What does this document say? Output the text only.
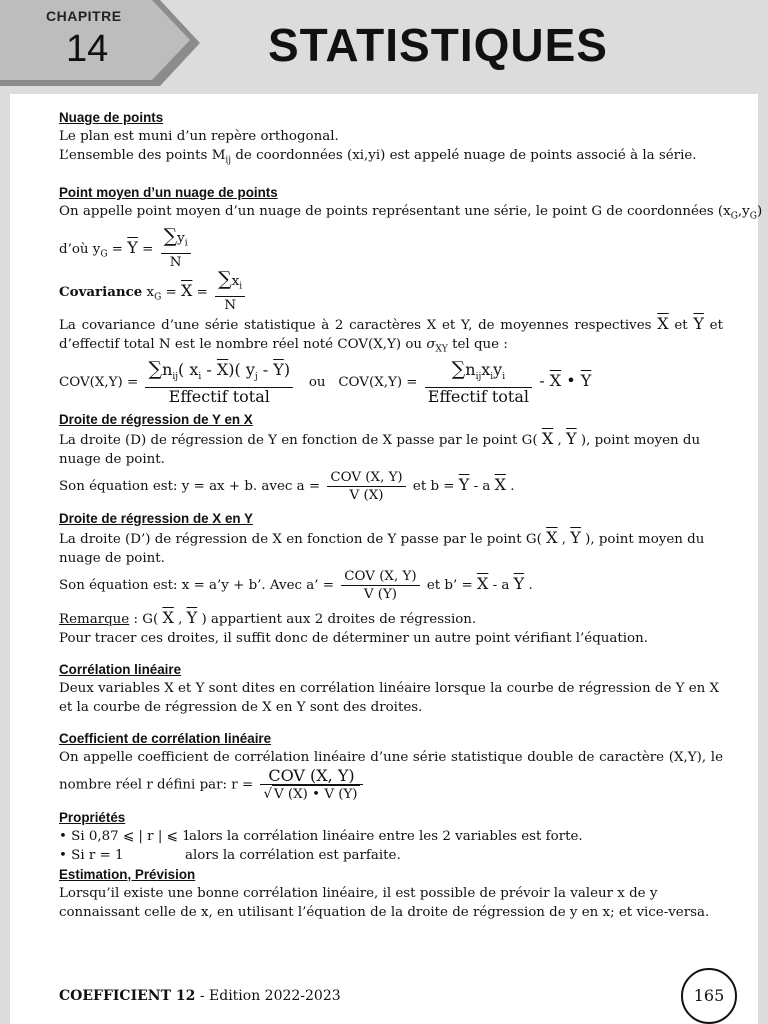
CHAPITRE
14	STATISTIQUES
Nuage de points
Le plan est muni d’un repère orthogonal.
L’ensemble des points $M_{ij}$ de coordonnées (xi,yi) est appelé nuage de points associé à la série.
Point moyen d’un nuage de points
On appelle point moyen d’un nuage de points représentant une série, le point G de coordonnées ($x_G$ $_G$)
d’où $y_G = \overline{Y} = \frac{\sum y_i}{N}$
Covariance $x_G = \overline{X} = \frac{\sum x_i}{N}$
La covariance d’une série statistique à 2 caractères X et Y, de moyennes respectives $\overline{X}$ et $\overline{Y}$ et d’effectif total N est le nombre réel noté COV(X,Y) ou $\sigma_{XY}$ tel que :
$COV(X,Y) = \frac{\sum n_{ij}( x_i - \overline{X})( y_j - \overline{Y})}{\text{Effectif total}}$ ou $COV(X,Y) = \frac{\sum n_{ij}x_iy_i}{\text{Effectif total}} - \overline{X}$ • $\overline{Y}$
Droite de régression de Y en X
La droite (D) de régression de Y en fonction de X passe par le point G( $\overline{X}$ , $\overline{Y}$ ), point moyen du nuage de point.
Son équation est: y = ax + b. avec $a = \frac{\text{COV (X, Y)}}{V (X)}$ et $b = \overline{Y} - a$ $\overline{X}$ .
Droite de régression de X en Y
La droite (D’) de régression de X en fonction de Y passe par le point G( $\overline{X}$ , $\overline{Y}$ ), point moyen du nuage de point.
Son équation est: x = a’y + b’. Avec a’ = $\frac{\text{COV (X, Y)}}{V (Y)}$ et b’ = $\overline{X}$ - a $\overline{Y}$ .
Remarque : G( $\overline{X}$ , $\overline{Y}$ ) appartient aux 2 droites de régression.
Pour tracer ces droites, il suffit donc de déterminer un autre point vérifiant l’équation.
Corrélation linéaire
Deux variables X et Y sont dites en corrélation linéaire lorsque la courbe de régression de Y en X et la courbe de régression de X en Y sont des droites.
Coefficient de corrélation linéaire
On appelle coefficient de corrélation linéaire d’une série statistique double de caractère (X,Y), le nombre réel r défini par: $r = \frac{\text{COV (X, Y)}}{√ V (X) • V (Y)}$
Propriétés
• Si 0,87 ⩽ | r | ⩽ 1alors la corrélation linéaire entre les 2 variables est forte.
• Si r = 1	alors la corrélation est parfaite.
Estimation, Prévision
Lorsqu’il existe une bonne corrélation linéaire, il est possible de prévoir la valeur x de y connaissant celle de x, en utilisant l’équation de la droite de régression de y en x; et vice-versa.
COEFFICIENT 12 - Edition 2022-2023	165
